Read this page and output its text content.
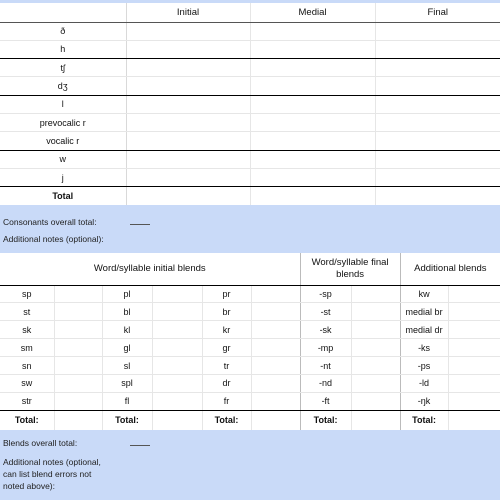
	Initial	Medial	Final
ð			
h			
tʃ			
dʒ			
l			
prevocalic r			
vocalic r			
w			
j			
Total			
Consonants overall total:
Additional notes (optional):
Word/syllable initial blends						Word/syllable final blends		Additional blends	
sp		pl		pr		-sp		kw	
st		bl		br		-st		medial br	
sk		kl		kr		-sk		medial dr	
sm		gl		gr		-mp		-ks	
sn		sl		tr		-nt		-ps	
sw		spl		dr		-nd		-ld	
str		fl		fr		-ft		-ŋk	
Total:		Total:		Total:		Total:		Total:	
Blends overall total:
Additional notes (optional,
can list blend errors not
noted above):
